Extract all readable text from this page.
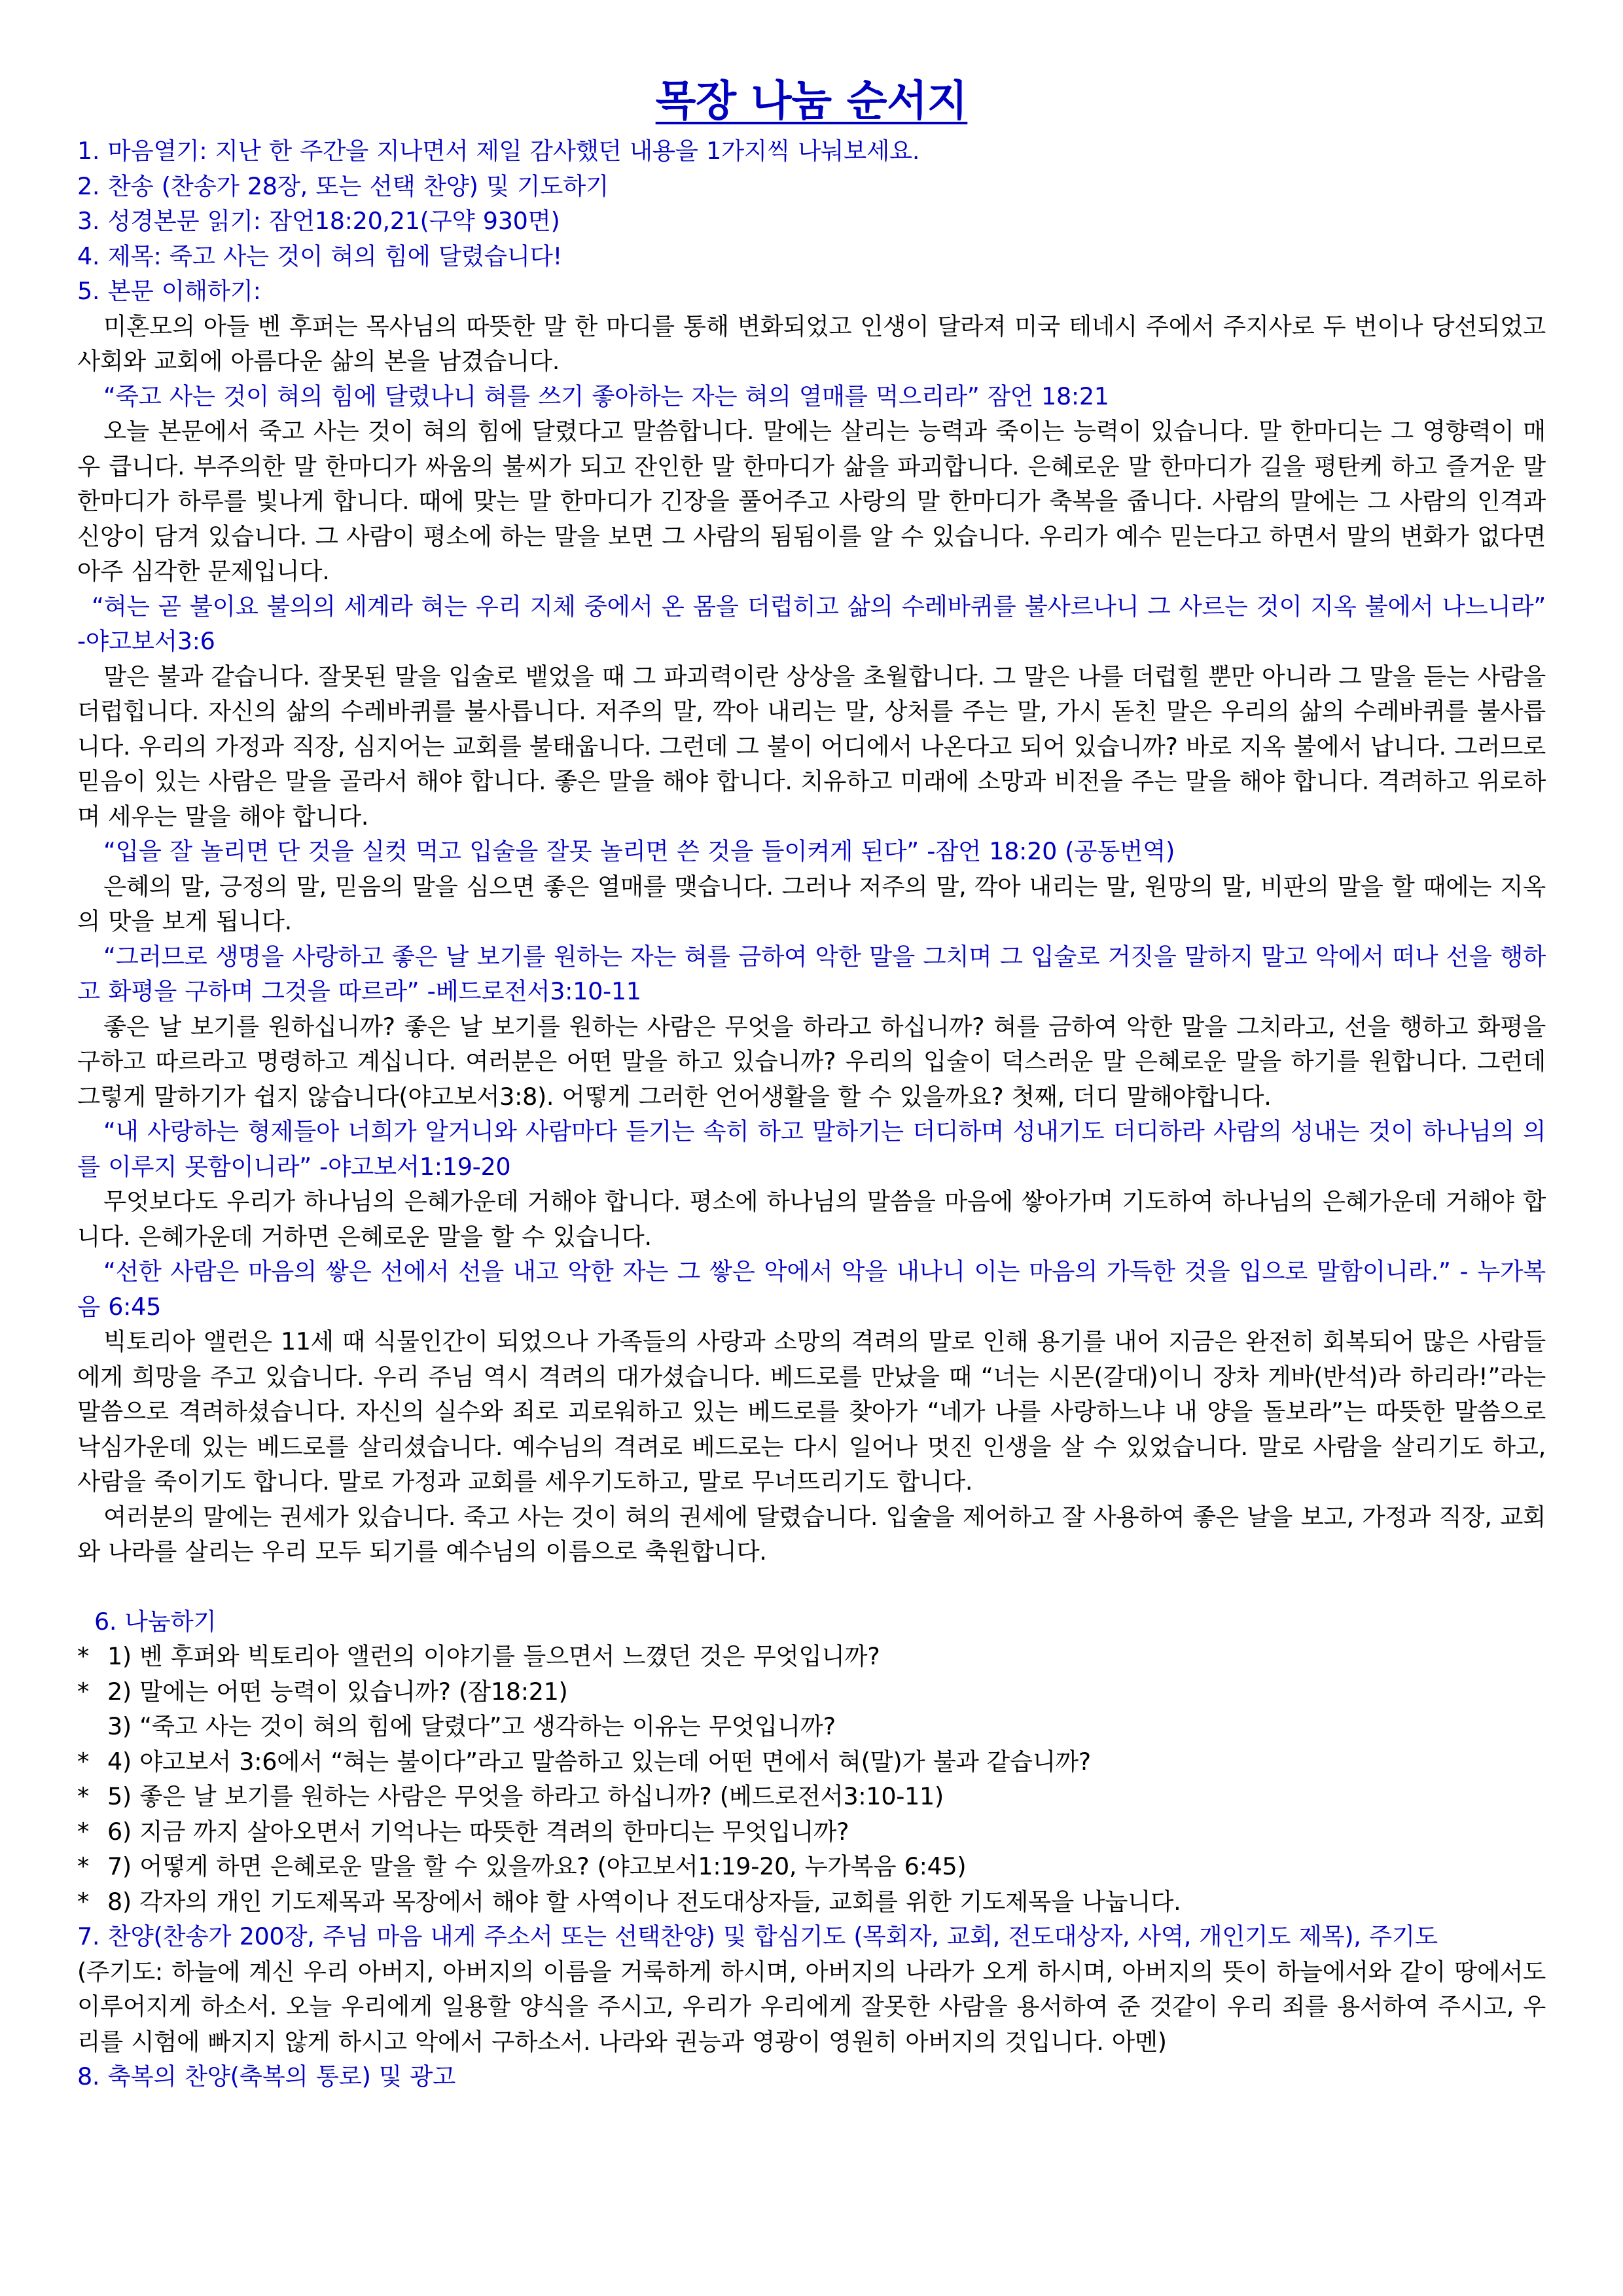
목장 나눔 순서지
1. 마음열기: 지난 한 주간을 지나면서 제일 감사했던 내용을 1가지씩 나눠보세요.
2. 찬송 (찬송가 28장, 또는 선택 찬양) 및 기도하기
3. 성경본문 읽기: 잠언18:20,21(구약 930면)
4. 제목: 죽고 사는 것이 혀의 힘에 달렸습니다!
5. 본문 이해하기:
미혼모의 아들 벤 후퍼는 목사님의 따뜻한 말 한 마디를 통해 변화되었고 인생이 달라져 미국 테네시 주에서 주지사로 두 번이나 당선되었고 사회와 교회에 아름다운 삶의 본을 남겼습니다.
“죽고 사는 것이 혀의 힘에 달렸나니 혀를 쓰기 좋아하는 자는 혀의 열매를 먹으리라” 잠언 18:21
오늘 본문에서 죽고 사는 것이 혀의 힘에 달렸다고 말씀합니다. 말에는 살리는 능력과 죽이는 능력이 있습니다. 말 한마디는 그 영향력이 매우 큽니다. 부주의한 말 한마디가 싸움의 불씨가 되고 잔인한 말 한마디가 삶을 파괴합니다. 은혜로운 말 한마디가 길을 평탄케 하고 즐거운 말 한마디가 하루를 빛나게 합니다. 때에 맞는 말 한마디가 긴장을 풀어주고 사랑의 말 한마디가 축복을 줍니다. 사람의 말에는 그 사람의 인격과 신앙이 담겨 있습니다. 그 사람이 평소에 하는 말을 보면 그 사람의 됨됨이를 알 수 있습니다. 우리가 예수 믿는다고 하면서 말의 변화가 없다면 아주 심각한 문제입니다.
“혀는 곧 불이요 불의의 세계라 혀는 우리 지체 중에서 온 몸을 더럽히고 삶의 수레바퀴를 불사르나니 그 사르는 것이 지옥 불에서 나느니라” -야고보서3:6
말은 불과 같습니다. 잘못된 말을 입술로 뱉었을 때 그 파괴력이란 상상을 초월합니다. 그 말은 나를 더럽힐 뿐만 아니라 그 말을 듣는 사람을 더럽힙니다. 자신의 삶의 수레바퀴를 불사릅니다. 저주의 말, 깍아 내리는 말, 상처를 주는 말, 가시 돋친 말은 우리의 삶의 수레바퀴를 불사릅니다. 우리의 가정과 직장, 심지어는 교회를 불태웁니다. 그런데 그 불이 어디에서 나온다고 되어 있습니까? 바로 지옥 불에서 납니다. 그러므로 믿음이 있는 사람은 말을 골라서 해야 합니다. 좋은 말을 해야 합니다. 치유하고 미래에 소망과 비전을 주는 말을 해야 합니다. 격려하고 위로하며 세우는 말을 해야 합니다.
“입을 잘 놀리면 단 것을 실컷 먹고 입술을 잘못 놀리면 쓴 것을 들이켜게 된다” -잠언 18:20 (공동번역)
은혜의 말, 긍정의 말, 믿음의 말을 심으면 좋은 열매를 맺습니다. 그러나 저주의 말, 깍아 내리는 말, 원망의 말, 비판의 말을 할 때에는 지옥의 맛을 보게 됩니다.
“그러므로 생명을 사랑하고 좋은 날 보기를 원하는 자는 혀를 금하여 악한 말을 그치며 그 입술로 거짓을 말하지 말고 악에서 떠나 선을 행하고 화평을 구하며 그것을 따르라” -베드로전서3:10-11
좋은 날 보기를 원하십니까? 좋은 날 보기를 원하는 사람은 무엇을 하라고 하십니까? 혀를 금하여 악한 말을 그치라고, 선을 행하고 화평을 구하고 따르라고 명령하고 계십니다. 여러분은 어떤 말을 하고 있습니까? 우리의 입술이 덕스러운 말 은혜로운 말을 하기를 원합니다. 그런데 그렇게 말하기가 쉽지 않습니다(야고보서3:8). 어떻게 그러한 언어생활을 할 수 있을까요? 첫째, 더디 말해야합니다.
“내 사랑하는 형제들아 너희가 알거니와 사람마다 듣기는 속히 하고 말하기는 더디하며 성내기도 더디하라 사람의 성내는 것이 하나님의 의를 이루지 못함이니라” -야고보서1:19-20
무엇보다도 우리가 하나님의 은혜가운데 거해야 합니다. 평소에 하나님의 말씀을 마음에 쌓아가며 기도하여 하나님의 은혜가운데 거해야 합니다. 은혜가운데 거하면 은혜로운 말을 할 수 있습니다.
“선한 사람은 마음의 쌓은 선에서 선을 내고 악한 자는 그 쌓은 악에서 악을 내나니 이는 마음의 가득한 것을 입으로 말함이니라.” - 누가복음 6:45
빅토리아 앨런은 11세 때 식물인간이 되었으나 가족들의 사랑과 소망의 격려의 말로 인해 용기를 내어 지금은 완전히 회복되어 많은 사람들에게 희망을 주고 있습니다. 우리 주님 역시 격려의 대가셨습니다. 베드로를 만났을 때 “너는 시몬(갈대)이니 장차 게바(반석)라 하리라!”라는 말씀으로 격려하셨습니다. 자신의 실수와 죄로 괴로워하고 있는 베드로를 찾아가 “네가 나를 사랑하느냐 내 양을 돌보라”는 따뜻한 말씀으로 낙심가운데 있는 베드로를 살리셨습니다. 예수님의 격려로 베드로는 다시 일어나 멋진 인생을 살 수 있었습니다. 말로 사람을 살리기도 하고, 사람을 죽이기도 합니다. 말로 가정과 교회를 세우기도하고, 말로 무너뜨리기도 합니다.
여러분의 말에는 권세가 있습니다. 죽고 사는 것이 혀의 권세에 달렸습니다. 입술을 제어하고 잘 사용하여 좋은 날을 보고, 가정과 직장, 교회와 나라를 살리는 우리 모두 되기를 예수님의 이름으로 축원합니다.
6. 나눔하기
* 1) 벤 후퍼와 빅토리아 앨런의 이야기를 들으면서 느꼈던 것은 무엇입니까?
* 2) 말에는 어떤 능력이 있습니까? (잠18:21)
3) “죽고 사는 것이 혀의 힘에 달렸다”고 생각하는 이유는 무엇입니까?
* 4) 야고보서 3:6에서 “혀는 불이다”라고 말씀하고 있는데 어떤 면에서 혀(말)가 불과 같습니까?
* 5) 좋은 날 보기를 원하는 사람은 무엇을 하라고 하십니까? (베드로전서3:10-11)
* 6) 지금 까지 살아오면서 기억나는 따뜻한 격려의 한마디는 무엇입니까?
* 7) 어떻게 하면 은혜로운 말을 할 수 있을까요? (야고보서1:19-20, 누가복음 6:45)
* 8) 각자의 개인 기도제목과 목장에서 해야 할 사역이나 전도대상자들, 교회를 위한 기도제목을 나눕니다.
7. 찬양(찬송가 200장, 주님 마음 내게 주소서 또는 선택찬양) 및 합심기도 (목회자, 교회, 전도대상자, 사역, 개인기도 제목), 주기도
(주기도: 하늘에 계신 우리 아버지, 아버지의 이름을 거룩하게 하시며, 아버지의 나라가 오게 하시며, 아버지의 뜻이 하늘에서와 같이 땅에서도 이루어지게 하소서. 오늘 우리에게 일용할 양식을 주시고, 우리가 우리에게 잘못한 사람을 용서하여 준 것같이 우리 죄를 용서하여 주시고, 우리를 시험에 빠지지 않게 하시고 악에서 구하소서. 나라와 권능과 영광이 영원히 아버지의 것입니다. 아멘)
8. 축복의 찬양(축복의 통로) 및 광고
